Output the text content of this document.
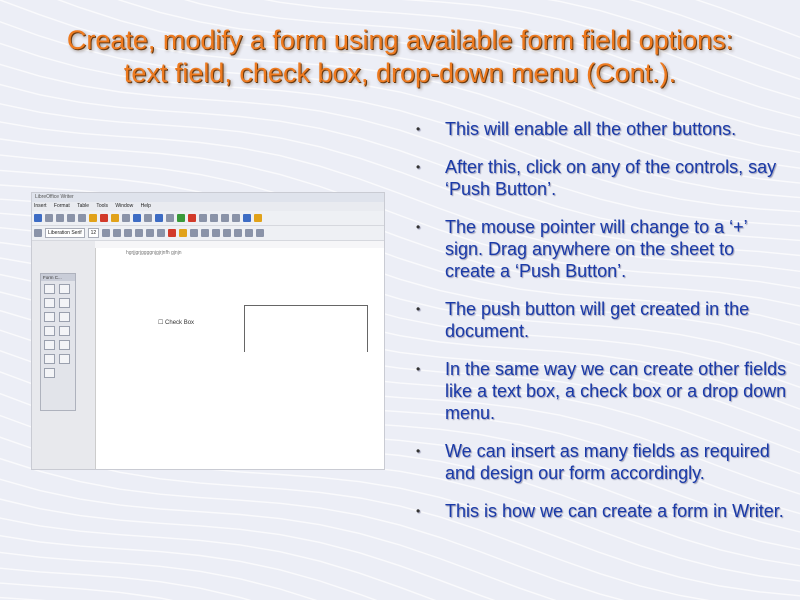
Create, modify a form using available form field options:
text field, check box, drop-down menu (Cont.).
LibreOffice Writer
Insert Format Table Tools Window Help
Liberation Serif	12
hgrjjgrjggggnjgjrjnfh gjnjn
☐ Check Box
Form C...
• This will enable all the other buttons.
• After this, click on any of the controls, say ‘Push Button’.
• The mouse pointer will change to a ‘+’ sign. Drag anywhere on the sheet to create a ‘Push Button’.
• The push button will get created in the document.
• In the same way we can create other fields like a text box, a check box or a drop down menu.
• We can insert as many fields as required and design our form accordingly.
• This is how we can create a form in Writer.
